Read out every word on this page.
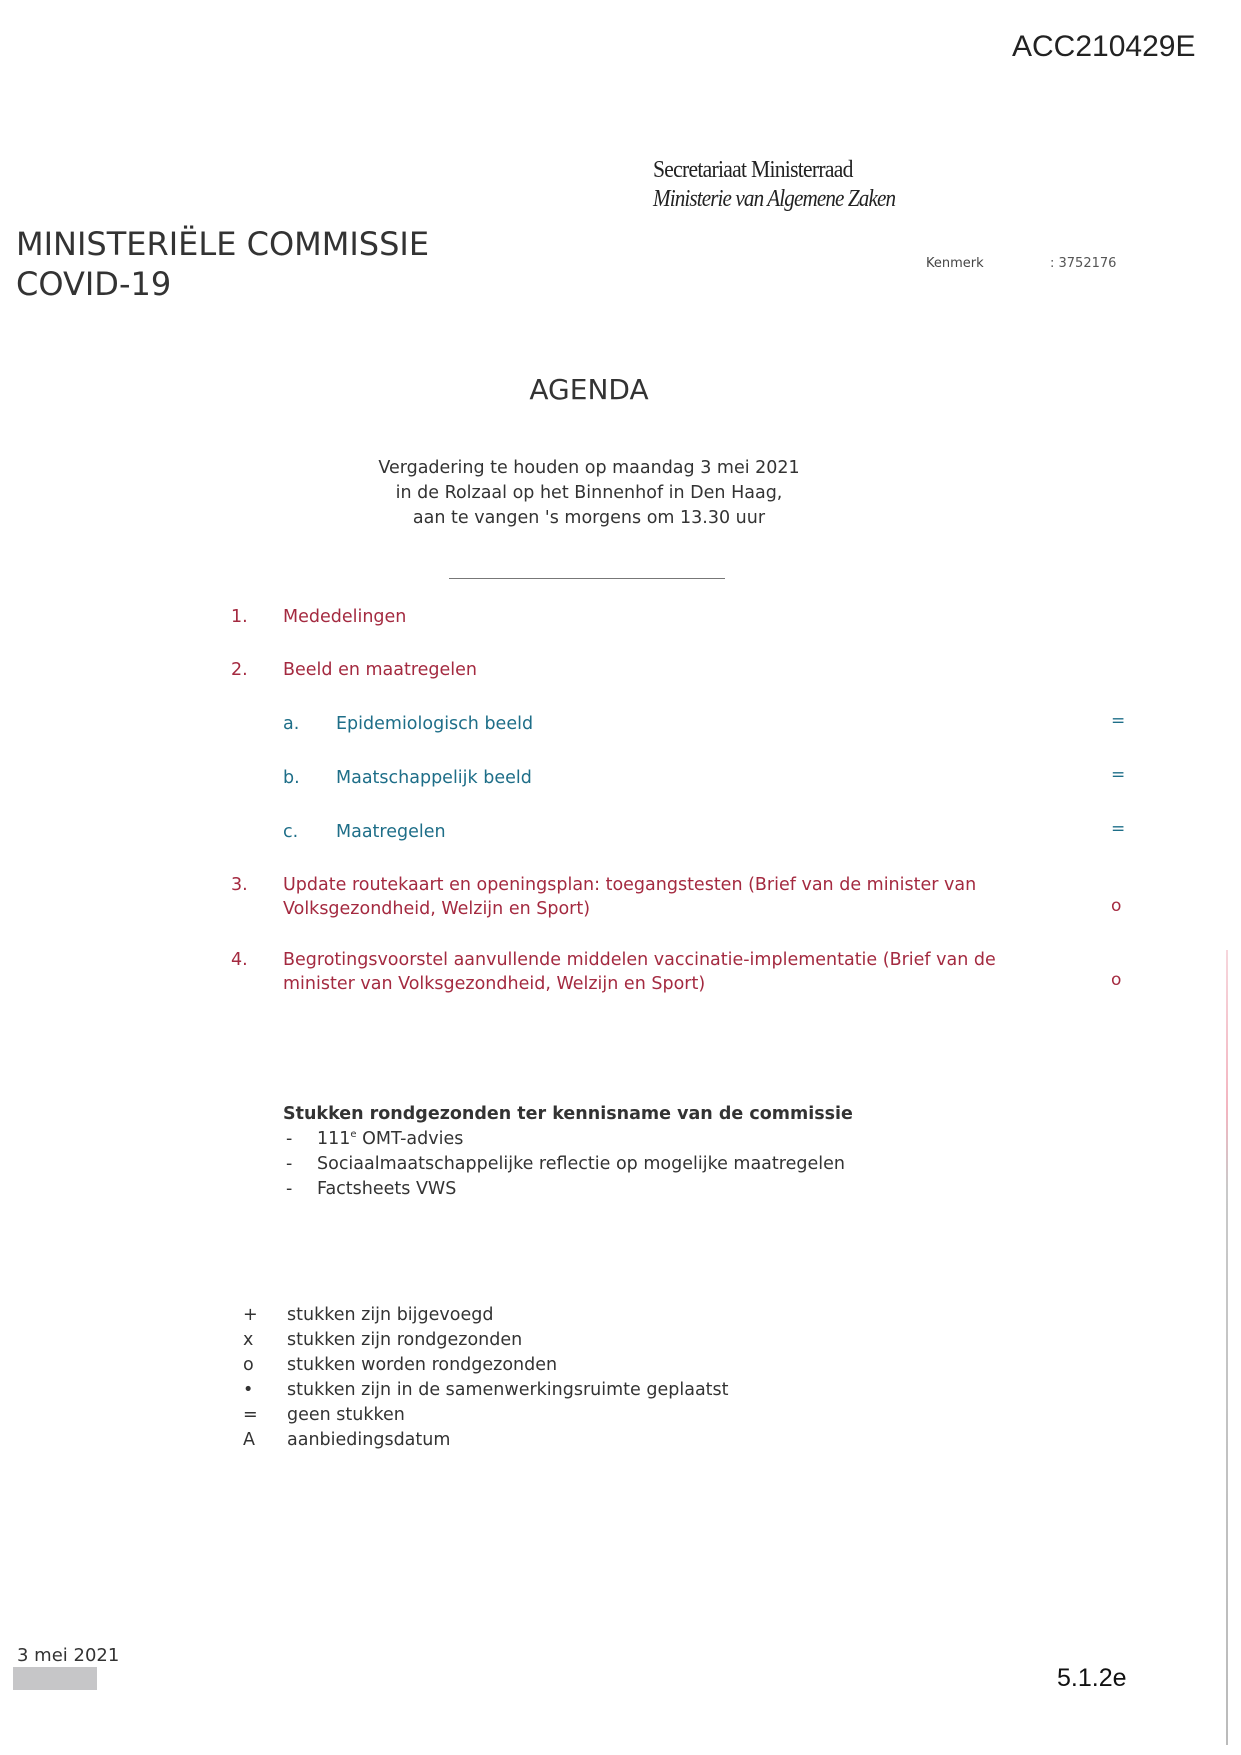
ACC210429E
Secretariaat Ministerraad
Ministerie van Algemene Zaken
MINISTERIËLE COMMISSIE
COVID-19
Kenmerk	: 3752176
AGENDA
Vergadering te houden op maandag 3 mei 2021
in de Rolzaal op het Binnenhof in Den Haag,
aan te vangen 's morgens om 13.30 uur
1. Mededelingen
2. Beeld en maatregelen
a. Epidemiologisch beeld	=
b. Maatschappelijk beeld	=
c. Maatregelen	=
3. Update routekaart en openingsplan: toegangstesten (Brief van de minister van
Volksgezondheid, Welzijn en Sport)	o
4. Begrotingsvoorstel aanvullende middelen vaccinatie-implementatie (Brief van de
minister van Volksgezondheid, Welzijn en Sport)	o
Stukken rondgezonden ter kennisname van de commissie
- 111e OMT-advies
- Sociaalmaatschappelijke reflectie op mogelijke maatregelen
- Factsheets VWS
+ stukken zijn bijgevoegd
x stukken zijn rondgezonden
o stukken worden rondgezonden
• stukken zijn in de samenwerkingsruimte geplaatst
= geen stukken
A aanbiedingsdatum
3 mei 2021
5.1.2e
